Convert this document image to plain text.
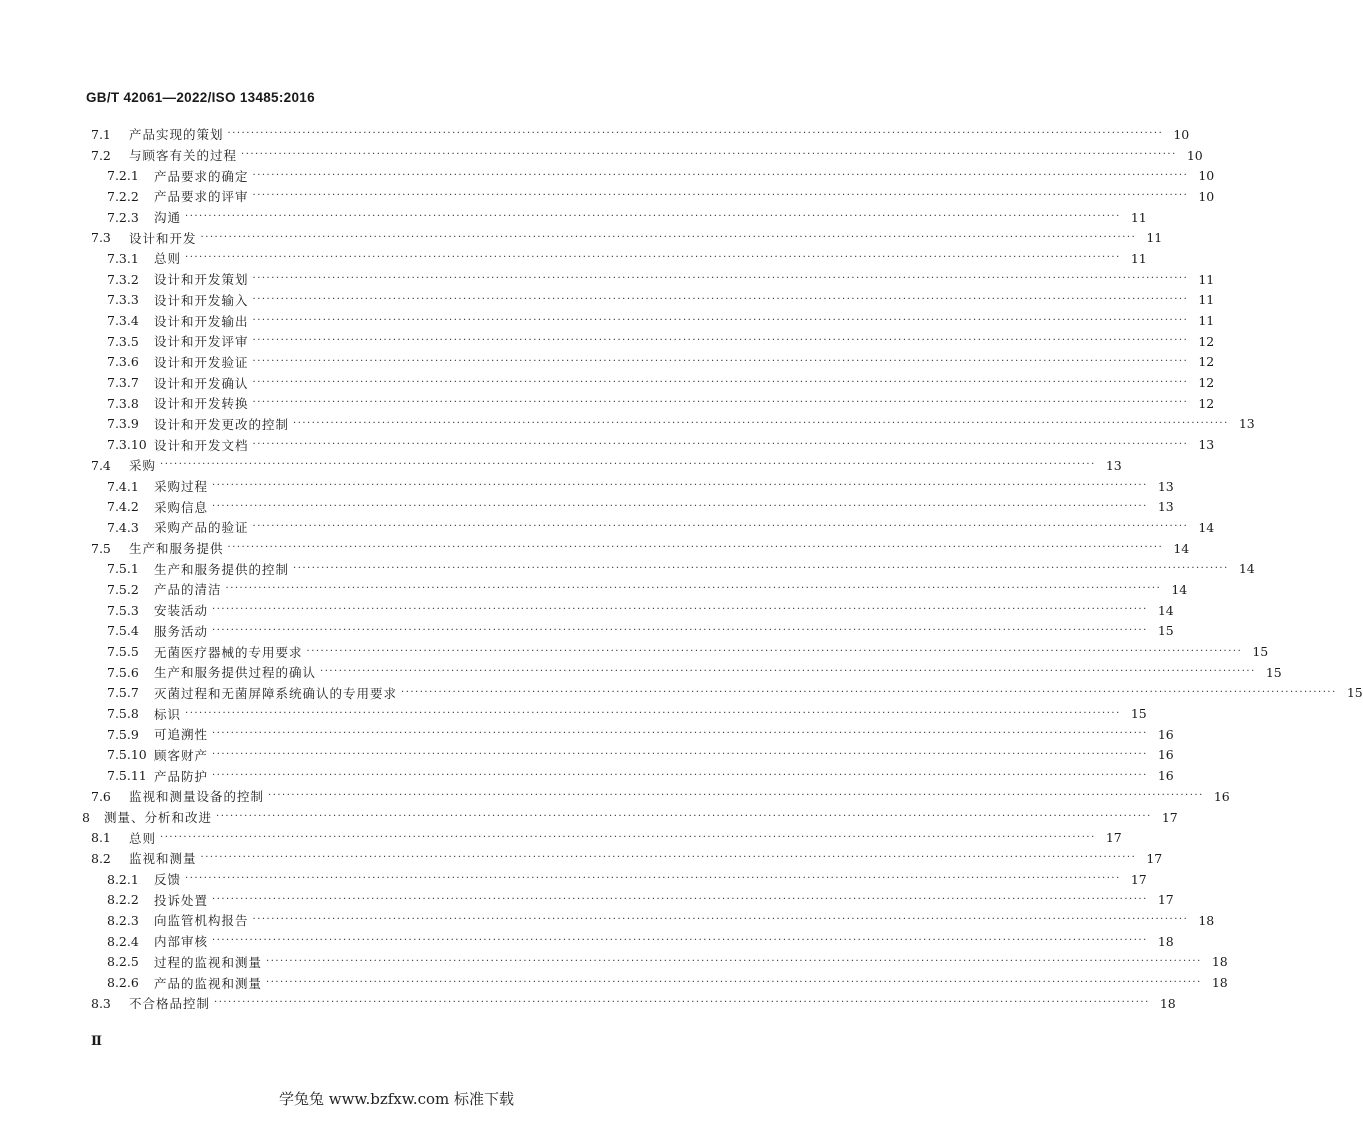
GB/T 42061—2022/ISO 13485:2016
7.1	产品实现的策划 ········································································································································································································ 10
7.2	与顾客有关的过程 ········································································································································································································ 10
7.2.1	产品要求的确定 ········································································································································································································ 10
7.2.2	产品要求的评审 ········································································································································································································ 10
7.2.3	沟通 ········································································································································································································ 11
7.3	设计和开发 ········································································································································································································ 11
7.3.1	总则 ········································································································································································································ 11
7.3.2	设计和开发策划 ········································································································································································································ 11
7.3.3	设计和开发输入 ········································································································································································································ 11
7.3.4	设计和开发输出 ········································································································································································································ 11
7.3.5	设计和开发评审 ········································································································································································································ 12
7.3.6	设计和开发验证 ········································································································································································································ 12
7.3.7	设计和开发确认 ········································································································································································································ 12
7.3.8	设计和开发转换 ········································································································································································································ 12
7.3.9	设计和开发更改的控制 ········································································································································································································ 13
7.3.10 设计和开发文档 ········································································································································································································ 13
7.4	采购 ········································································································································································································ 13
7.4.1	采购过程 ········································································································································································································ 13
7.4.2	采购信息 ········································································································································································································ 13
7.4.3	采购产品的验证 ········································································································································································································ 14
7.5	生产和服务提供 ········································································································································································································ 14
7.5.1	生产和服务提供的控制 ········································································································································································································ 14
7.5.2	产品的清洁 ········································································································································································································ 14
7.5.3	安装活动 ········································································································································································································ 14
7.5.4	服务活动 ········································································································································································································ 15
7.5.5	无菌医疗器械的专用要求 ········································································································································································································ 15
7.5.6	生产和服务提供过程的确认 ········································································································································································································ 15
7.5.7	灭菌过程和无菌屏障系统确认的专用要求 ········································································································································································································ 15
7.5.8	标识 ········································································································································································································ 15
7.5.9	可追溯性 ········································································································································································································ 16
7.5.10 顾客财产 ········································································································································································································ 16
7.5.11 产品防护 ········································································································································································································ 16
7.6	监视和测量设备的控制 ········································································································································································································ 16
8	测量、分析和改进 ········································································································································································································ 17
8.1	总则 ········································································································································································································ 17
8.2	监视和测量 ········································································································································································································ 17
8.2.1	反馈 ········································································································································································································ 17
8.2.2	投诉处置 ········································································································································································································ 17
8.2.3	向监管机构报告 ········································································································································································································ 18
8.2.4	内部审核 ········································································································································································································ 18
8.2.5	过程的监视和测量 ········································································································································································································ 18
8.2.6	产品的监视和测量 ········································································································································································································ 18
8.3	不合格品控制 ········································································································································································································ 18
Ⅱ
学兔兔 www.bzfxw.com 标准下载
